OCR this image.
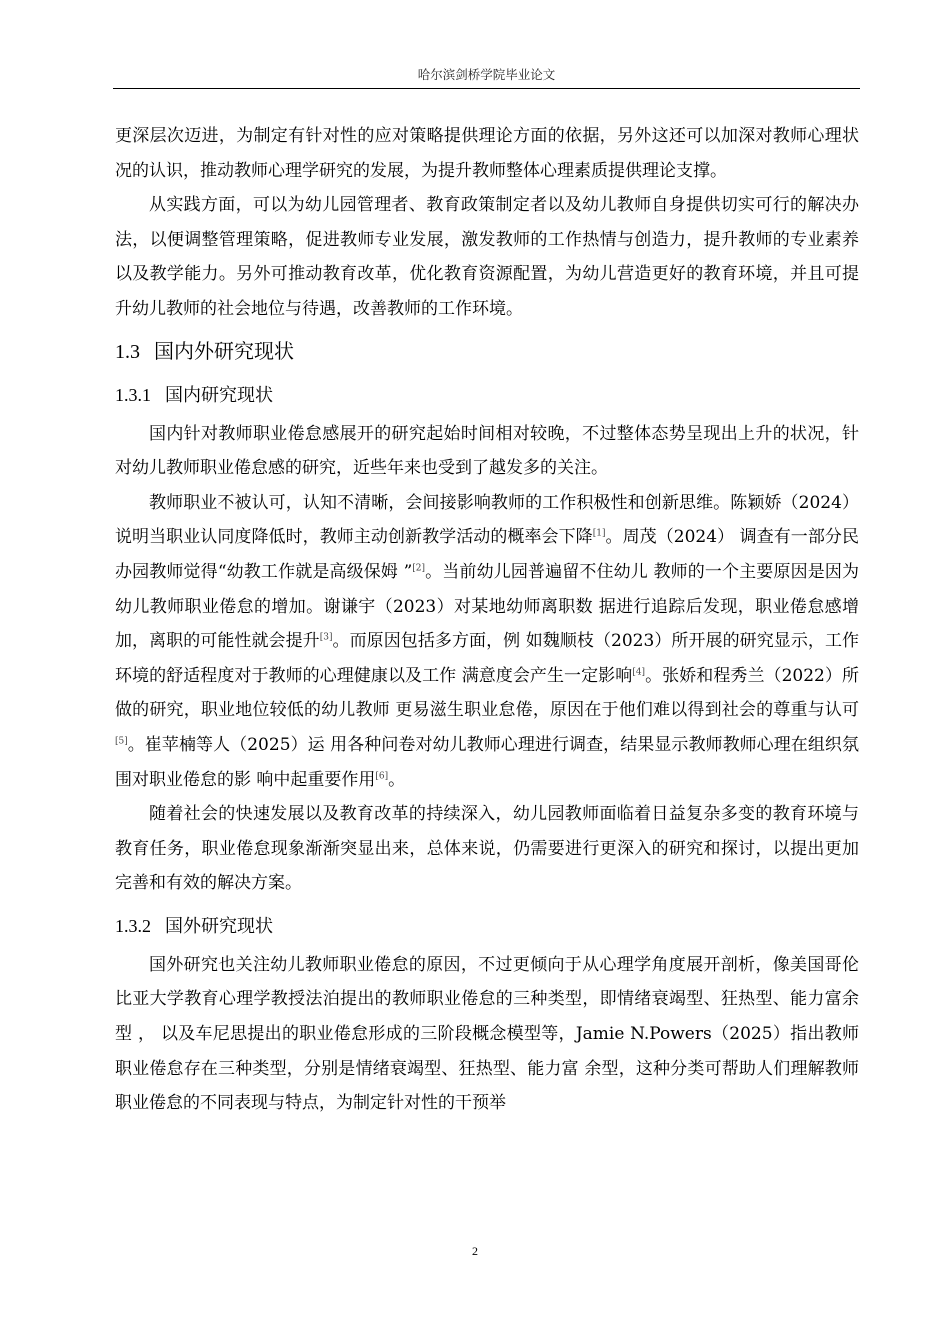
哈尔滨剑桥学院毕业论文

更深层次迈进，为制定有针对性的应对策略提供理论方面的依据，另外这还可以加深对教师心理状况的认识，推动教师心理学研究的发展，为提升教师整体心理素质提供理论支撑。

从实践方面，可以为幼儿园管理者、教育政策制定者以及幼儿教师自身提供切实可行的解决办法，以便调整管理策略，促进教师专业发展，激发教师的工作热情与创造力，提升教师的专业素养以及教学能力。另外可推动教育改革，优化教育资源配置，为幼儿营造更好的教育环境，并且可提升幼儿教师的社会地位与待遇，改善教师的工作环境。

1.3 国内外研究现状
1.3.1 国内研究现状

国内针对教师职业倦怠感展开的研究起始时间相对较晚，不过整体态势呈现出上升的状况，针对幼儿教师职业倦怠感的研究，近些年来也受到了越发多的关注。

教师职业不被认可，认知不清晰，会间接影响教师的工作积极性和创新思维。陈颖娇（2024）说明当职业认同度降低时，教师主动创新教学活动的概率会下降[1]。周茂（2024） 调查有一部分民办园教师觉得“幼教工作就是高级保姆 ”[2]。当前幼儿园普遍留不住幼儿 教师的一个主要原因是因为幼儿教师职业倦怠的增加。谢谦宇（2023）对某地幼师离职数 据进行追踪后发现，职业倦怠感增加，离职的可能性就会提升[3]。而原因包括多方面，例 如魏顺枝（2023）所开展的研究显示，工作环境的舒适程度对于教师的心理健康以及工作 满意度会产生一定影响[4]。张娇和程秀兰（2022）所做的研究，职业地位较低的幼儿教师 更易滋生职业怠倦，原因在于他们难以得到社会的尊重与认可[5]。崔苹楠等人（2025）运 用各种问卷对幼儿教师心理进行调查，结果显示教师教师心理在组织氛围对职业倦怠的影 响中起重要作用[6]。

随着社会的快速发展以及教育改革的持续深入，幼儿园教师面临着日益复杂多变的教育环境与教育任务，职业倦怠现象渐渐突显出来，总体来说，仍需要进行更深入的研究和探讨，以提出更加完善和有效的解决方案。

1.3.2 国外研究现状

国外研究也关注幼儿教师职业倦怠的原因，不过更倾向于从心理学角度展开剖析，像美国哥伦比亚大学教育心理学教授法泊提出的教师职业倦怠的三种类型，即情绪衰竭型、狂热型、能力富余型 ， 以及车尼思提出的职业倦怠形成的三阶段概念模型等，Jamie N.Powers（2025）指出教师职业倦怠存在三种类型，分别是情绪衰竭型、狂热型、能力富 余型，这种分类可帮助人们理解教师职业倦怠的不同表现与特点，为制定针对性的干预举

2
